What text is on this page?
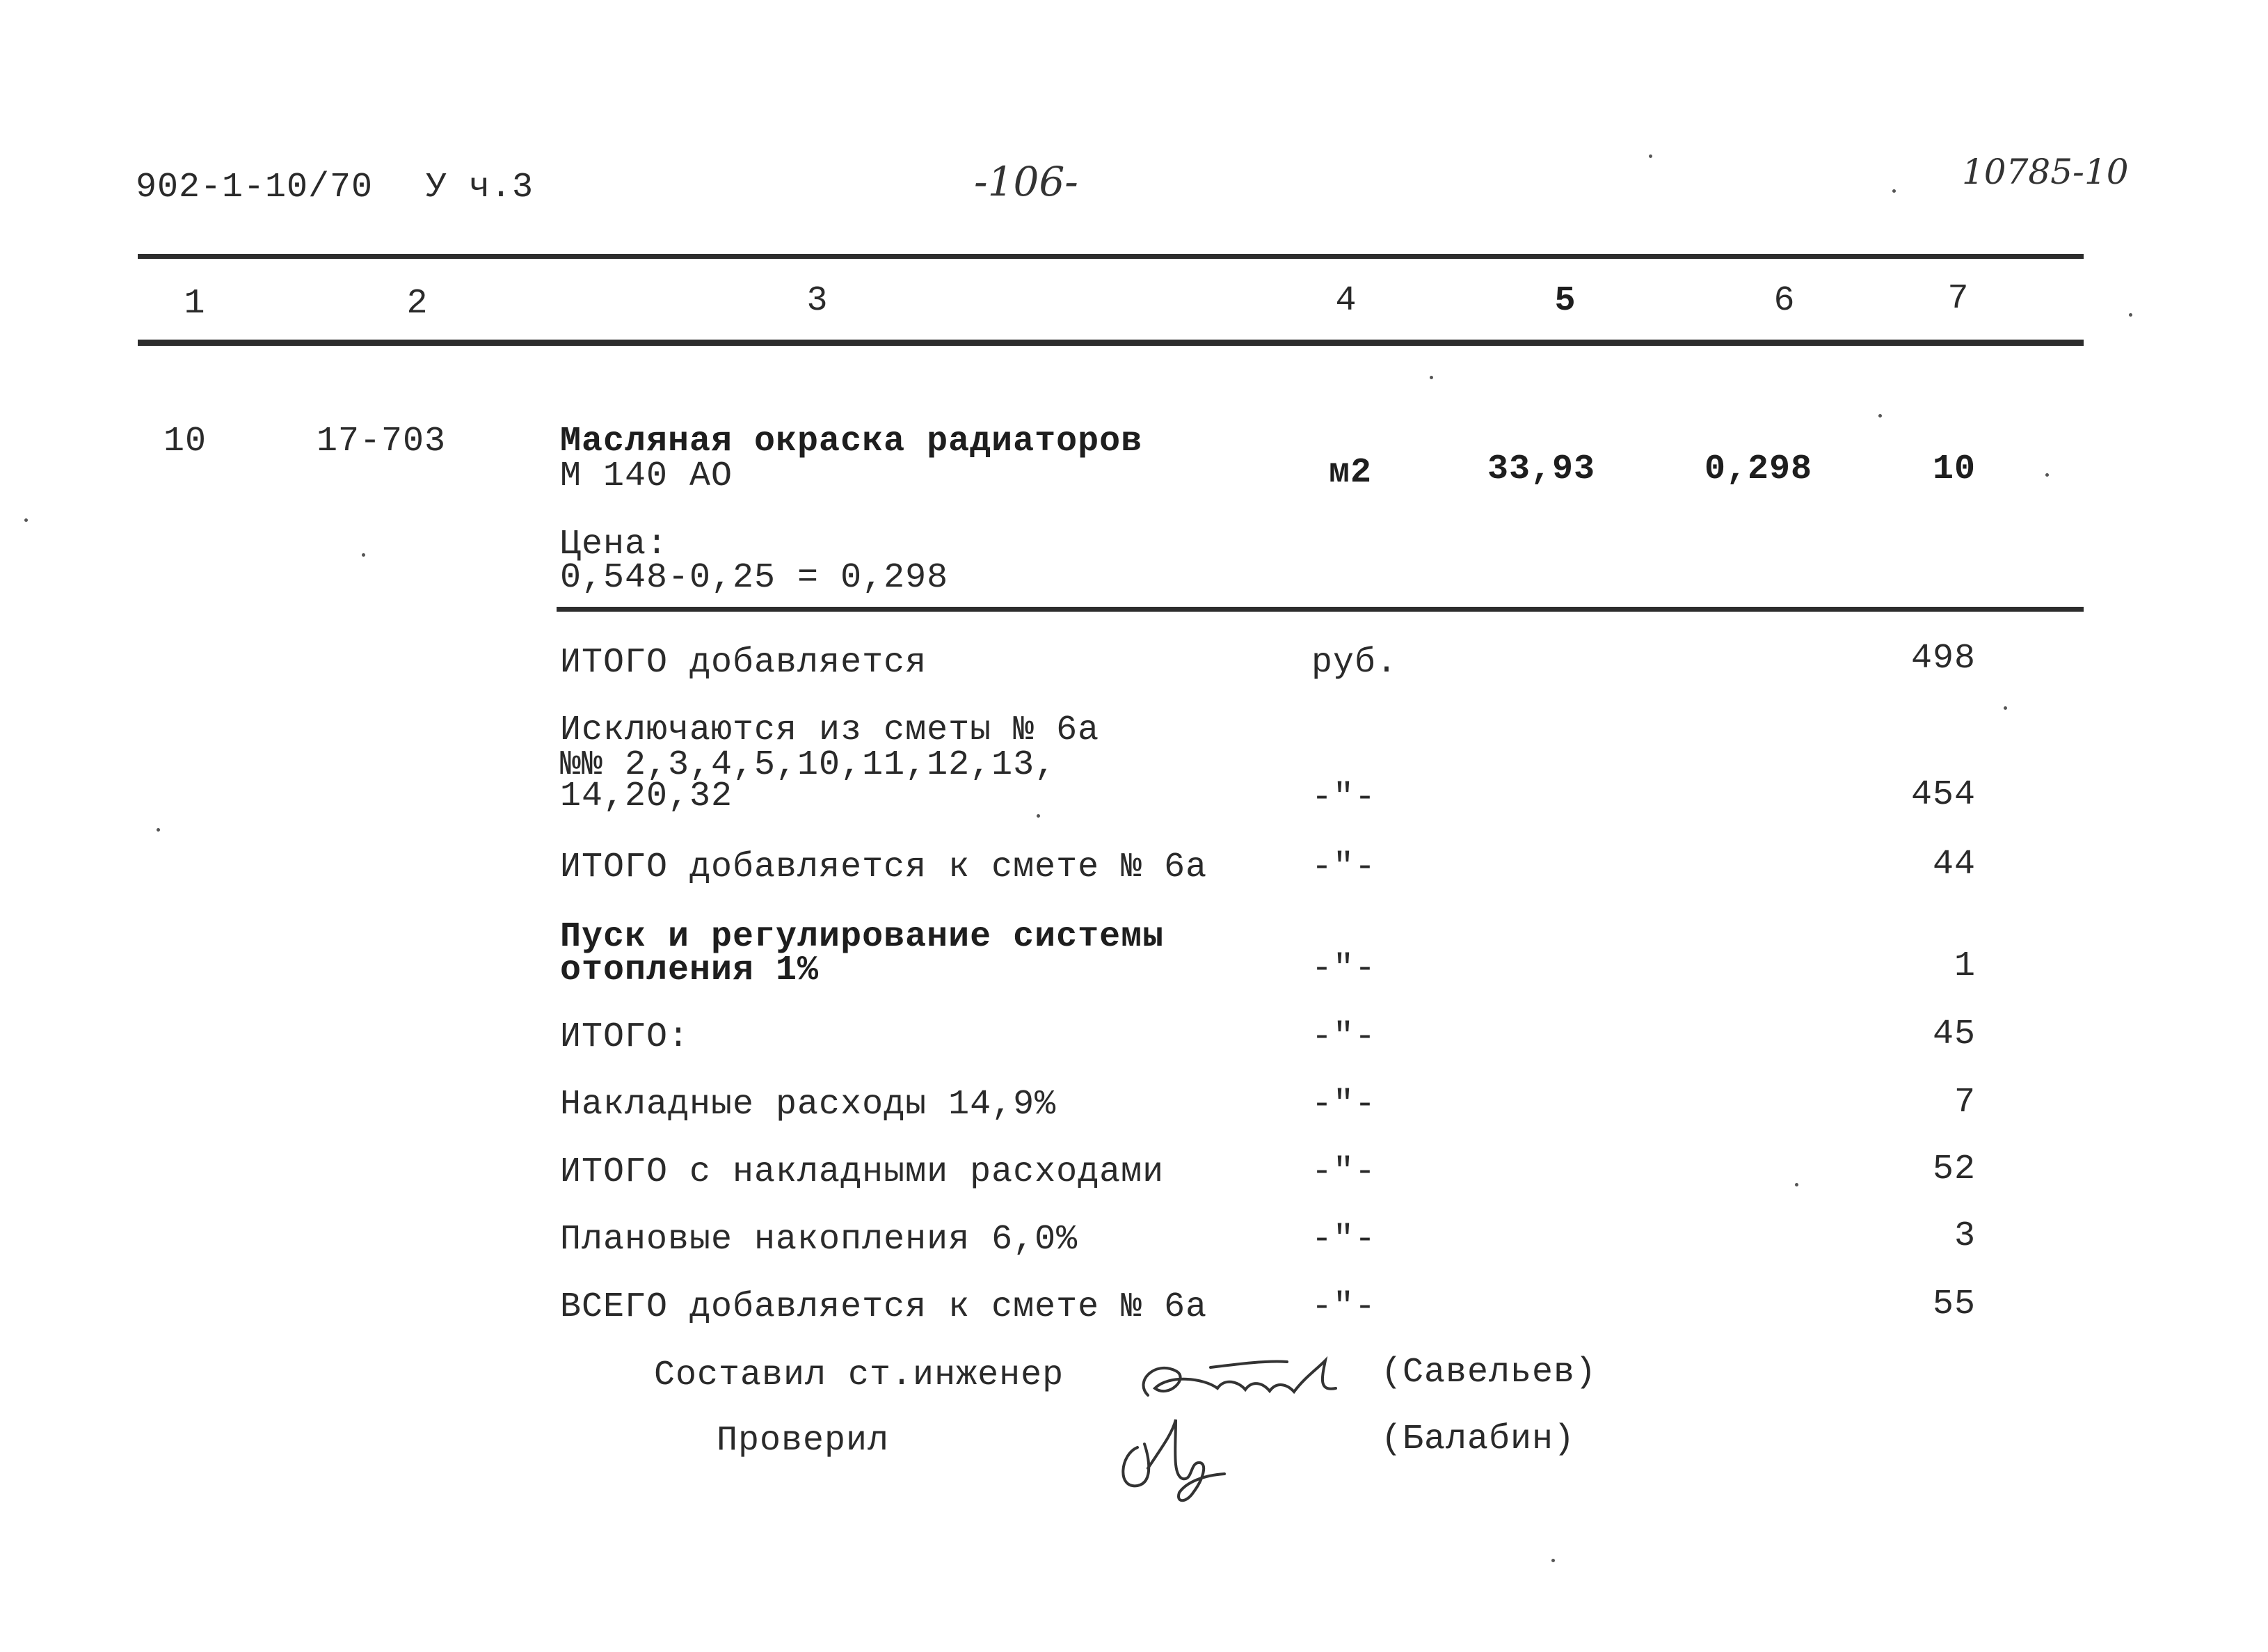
902-1-10/70 У ч.3	-106-	10785-10
1	2	3	4	5	6	7
10	17-703	Масляная окраска радиаторов
М 140 АО	м2	33,93	0,298	10
Цена:
0,548-0,25 = 0,298
ИТОГО добавляется	руб.	498
Исключаются из сметы № 6а
№№ 2,3,4,5,10,11,12,13,
14,20,32	-"-	454
ИТОГО добавляется к смете № 6а	-"-	44
Пуск и регулирование системы
отопления 1%	-"-	1
ИТОГО:	-"-	45
Накладные расходы 14,9%	-"-	7
ИТОГО с накладными расходами	-"-	52
Плановые накопления 6,0%	-"-	3
ВСЕГО добавляется к смете № 6а	-"-	55
Составил ст.инженер	(Савельев)
Проверил	(Балабин)
